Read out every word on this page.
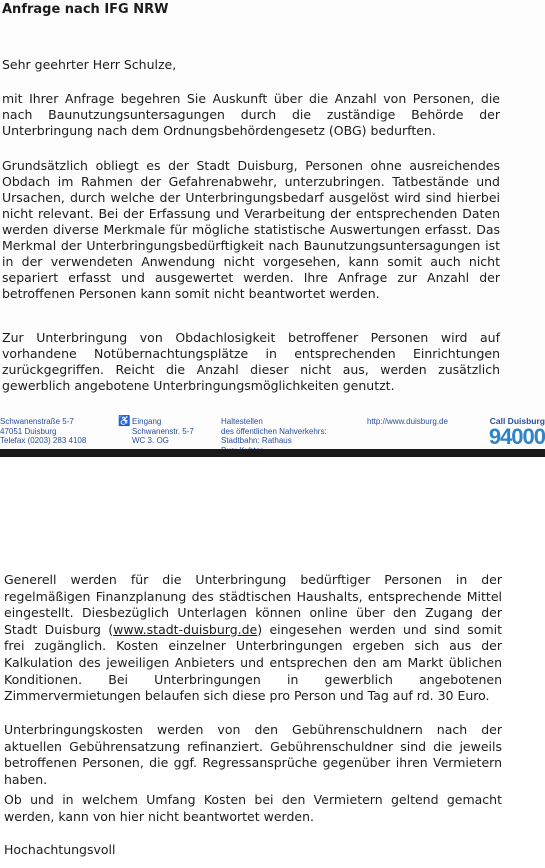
Anfrage nach IFG NRW
Sehr geehrter Herr Schulze,
mit Ihrer Anfrage begehren Sie Auskunft über die Anzahl von Personen, die nach Baunutzungsuntersagungen durch die zuständige Behörde der Unterbringung nach dem Ordnungsbehördengesetz (OBG) bedurften.
Grundsätzlich obliegt es der Stadt Duisburg, Personen ohne ausreichendes Obdach im Rahmen der Gefahrenabwehr, unterzubringen. Tatbestände und Ursachen, durch welche der Unterbringungsbedarf ausgelöst wird sind hierbei nicht relevant. Bei der Erfassung und Verarbeitung der entsprechenden Daten werden diverse Merkmale für mögliche statistische Auswertungen erfasst. Das Merkmal der Unterbringungsbedürftigkeit nach Baunutzungsuntersagungen ist in der verwendeten Anwendung nicht vorgesehen, kann somit auch nicht separiert erfasst und ausgewertet werden. Ihre Anfrage zur Anzahl der betroffenen Personen kann somit nicht beantwortet werden.
Zur Unterbringung von Obdachlosigkeit betroffener Personen wird auf vorhandene Notübernachtungsplätze in entsprechenden Einrichtungen zurückgegriffen. Reicht die Anzahl dieser nicht aus, werden zusätzlich gewerblich angebotene Unterbringungsmöglichkeiten genutzt.
Schwanenstraße 5-7
47051 Duisburg
Telefax (0203) 283 4108
♿ Eingang
Schwanenstr. 5-7
WC 3. OG
Haltestellen
des öffentlichen Nahverkehrs:
Stadtbahn: Rathaus
http://www.duisburg.de	Call Duisburg
94000
Generell werden für die Unterbringung bedürftiger Personen in der regelmäßigen Finanzplanung des städtischen Haushalts, entsprechende Mittel eingestellt. Diesbezüglich Unterlagen können online über den Zugang der Stadt Duisburg (www.stadt-duisburg.de) eingesehen werden und sind somit frei zugänglich. Kosten einzelner Unterbringungen ergeben sich aus der Kalkulation des jeweiligen Anbieters und entsprechen den am Markt üblichen Konditionen. Bei Unterbringungen in gewerblich angebotenen Zimmervermietungen belaufen sich diese pro Person und Tag auf rd. 30 Euro.
Unterbringungskosten werden von den Gebührenschuldnern nach der aktuellen Gebührensatzung refinanziert. Gebührenschuldner sind die jeweils betroffenen Personen, die ggf. Regressansprüche gegenüber ihren Vermietern haben.
Ob und in welchem Umfang Kosten bei den Vermietern geltend gemacht werden, kann von hier nicht beantwortet werden.
Hochachtungsvoll
